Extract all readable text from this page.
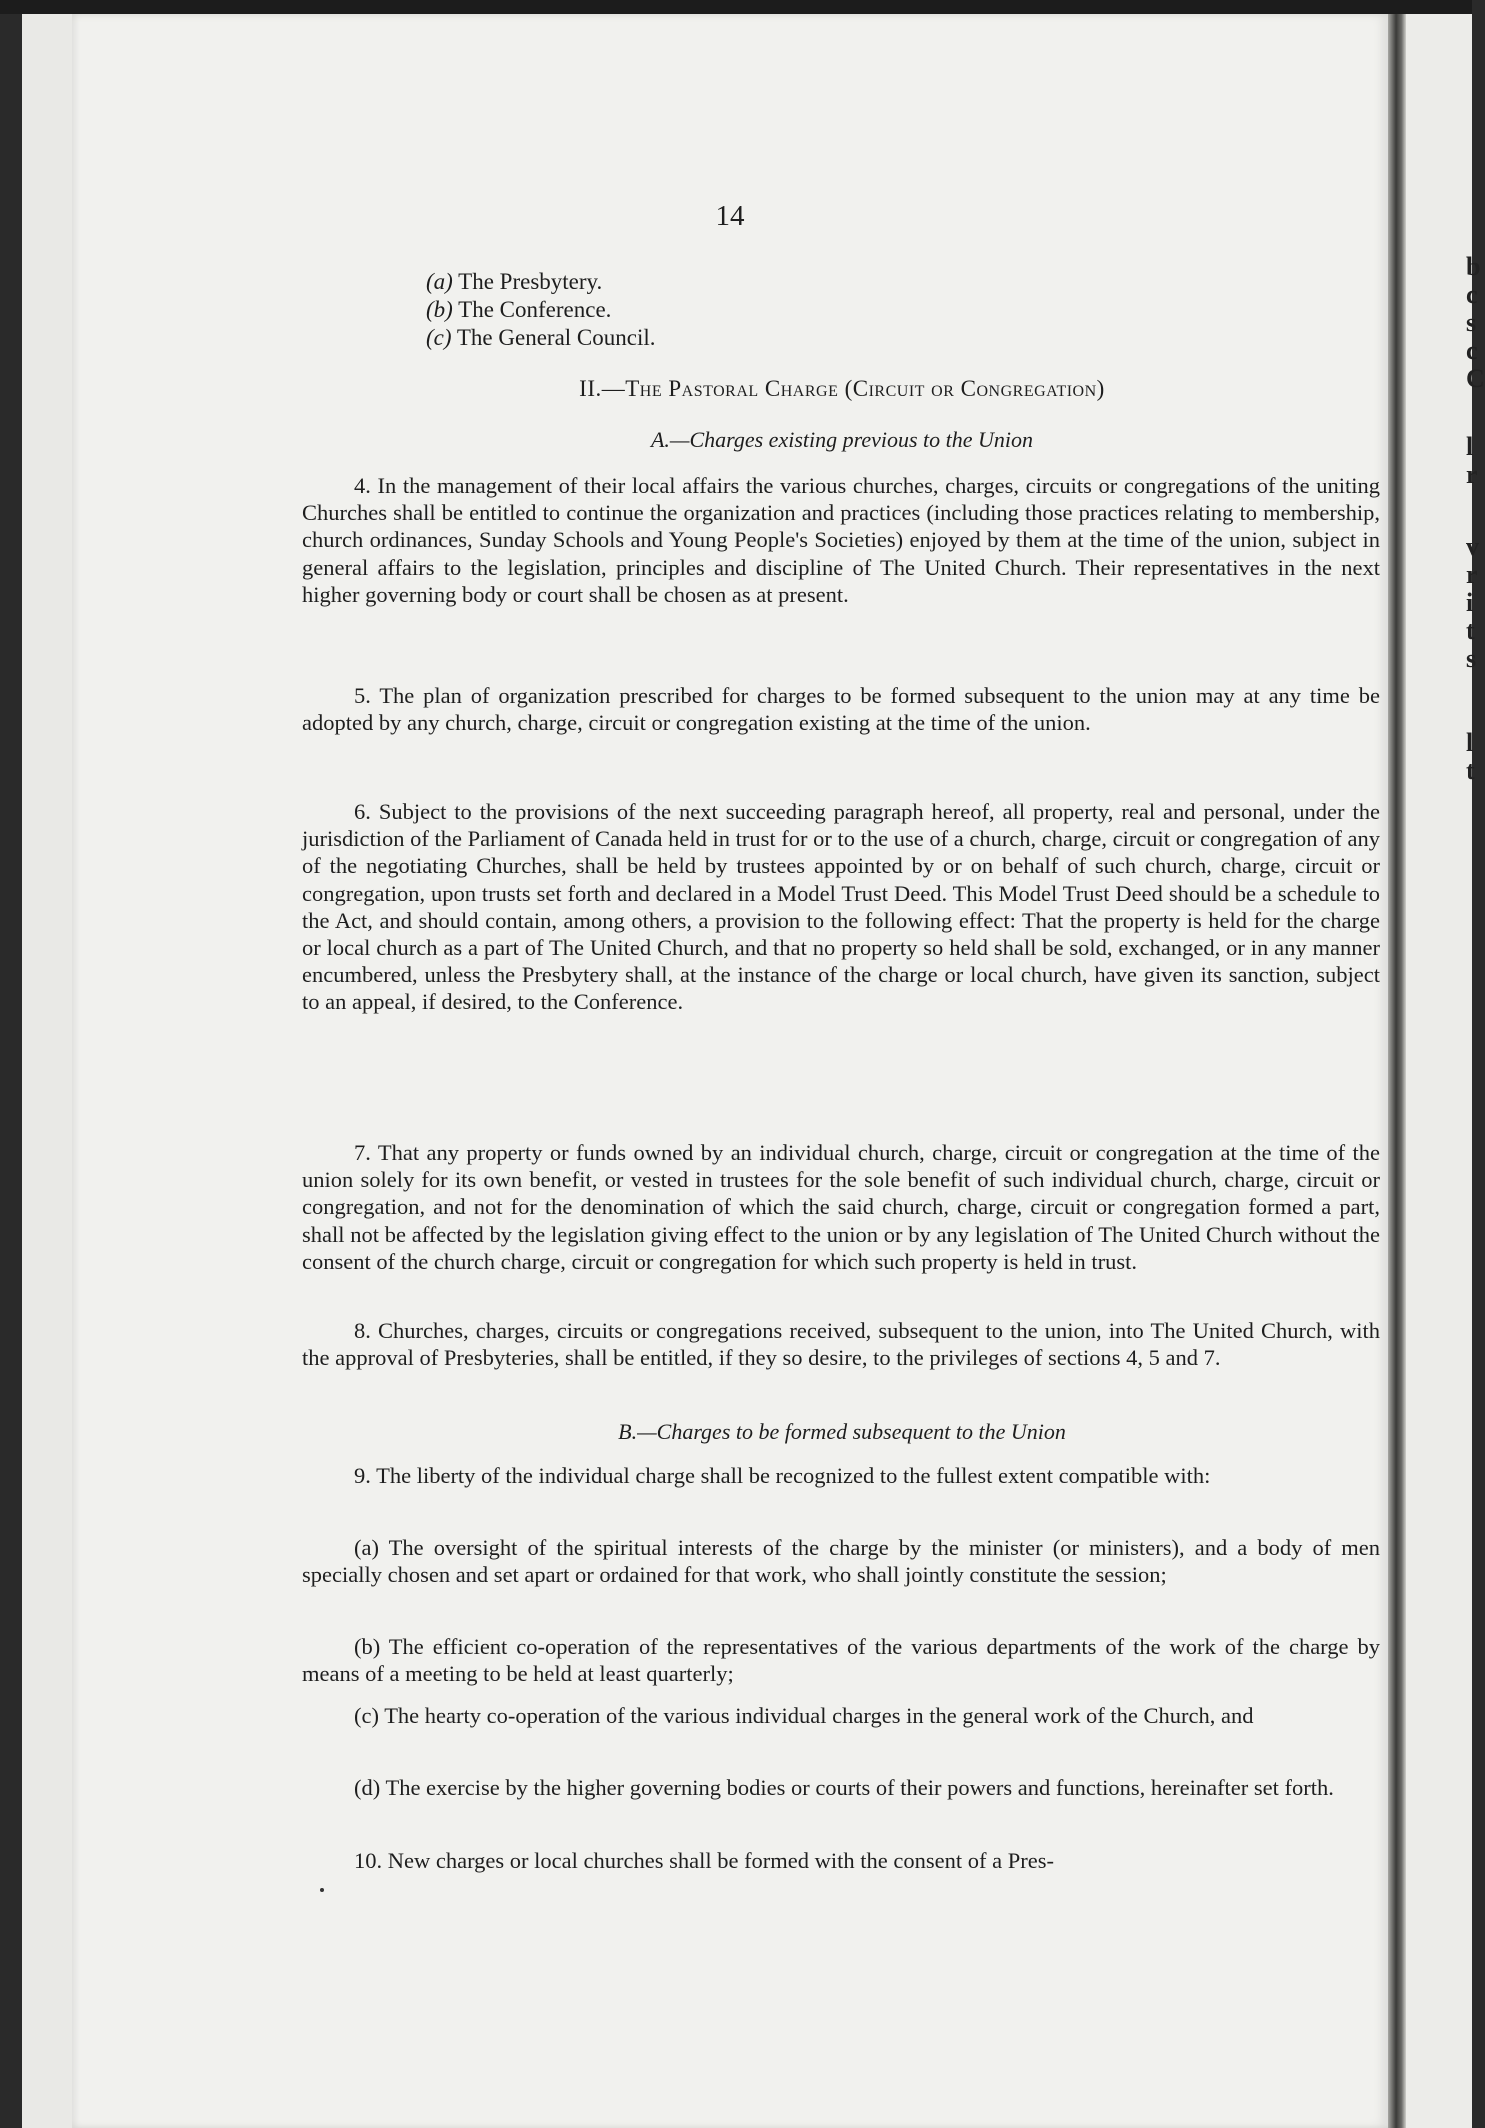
14
(a) The Presbytery.
(b) The Conference.
(c) The General Council.
II.—The Pastoral Charge (Circuit or Congregation)
A.—Charges existing previous to the Union
4. In the management of their local affairs the various churches, charges, circuits or congregations of the uniting Churches shall be entitled to continue the organization and practices (including those practices relating to membership, church ordinances, Sunday Schools and Young People's Societies) enjoyed by them at the time of the union, subject in general affairs to the legislation, principles and discipline of The United Church. Their representatives in the next higher governing body or court shall be chosen as at present.
5. The plan of organization prescribed for charges to be formed subsequent to the union may at any time be adopted by any church, charge, circuit or congregation existing at the time of the union.
6. Subject to the provisions of the next succeeding paragraph hereof, all property, real and personal, under the jurisdiction of the Parliament of Canada held in trust for or to the use of a church, charge, circuit or congregation of any of the negotiating Churches, shall be held by trustees appointed by or on behalf of such church, charge, circuit or congregation, upon trusts set forth and declared in a Model Trust Deed. This Model Trust Deed should be a schedule to the Act, and should contain, among others, a provision to the following effect: That the property is held for the charge or local church as a part of The United Church, and that no property so held shall be sold, exchanged, or in any manner encumbered, unless the Presbytery shall, at the instance of the charge or local church, have given its sanction, subject to an appeal, if desired, to the Conference.
7. That any property or funds owned by an individual church, charge, circuit or congregation at the time of the union solely for its own benefit, or vested in trustees for the sole benefit of such individual church, charge, circuit or congregation, and not for the denomination of which the said church, charge, circuit or congregation formed a part, shall not be affected by the legislation giving effect to the union or by any legislation of The United Church without the consent of the church charge, circuit or congregation for which such property is held in trust.
8. Churches, charges, circuits or congregations received, subsequent to the union, into The United Church, with the approval of Presbyteries, shall be entitled, if they so desire, to the privileges of sections 4, 5 and 7.
B.—Charges to be formed subsequent to the Union
9. The liberty of the individual charge shall be recognized to the fullest extent compatible with:
(a) The oversight of the spiritual interests of the charge by the minister (or ministers), and a body of men specially chosen and set apart or ordained for that work, who shall jointly constitute the session;
(b) The efficient co-operation of the representatives of the various departments of the work of the charge by means of a meeting to be held at least quarterly;
(c) The hearty co-operation of the various individual charges in the general work of the Church, and
(d) The exercise by the higher governing bodies or courts of their powers and functions, hereinafter set forth.
10. New charges or local churches shall be formed with the consent of a Pres-
b
c
s
c
C
l
r
v
r
i
t
s
l
t
